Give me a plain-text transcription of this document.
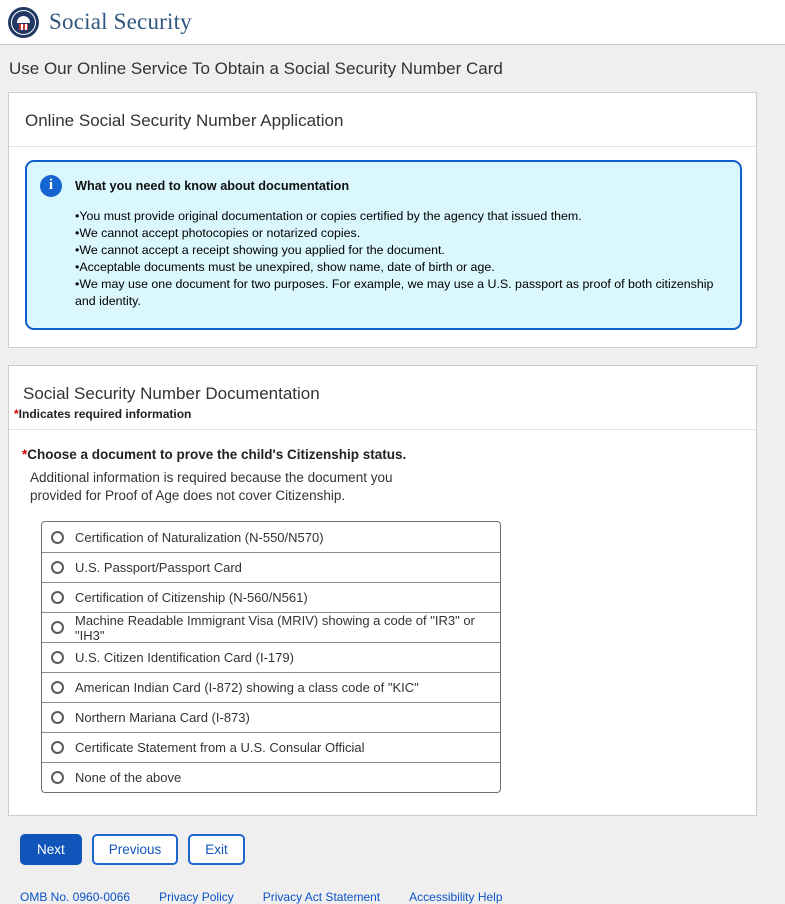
Social Security
Use Our Online Service To Obtain a Social Security Number Card
Online Social Security Number Application
i	What you need to know about documentation
• You must provide original documentation or copies certified by the agency that issued them.
• We cannot accept photocopies or notarized copies.
• We cannot accept a receipt showing you applied for the document.
• Acceptable documents must be unexpired, show name, date of birth or age.
• We may use one document for two purposes. For example, we may use a U.S. passport as proof of both citizenship and identity.
Social Security Number Documentation
*Indicates required information
*Choose a document to prove the child's Citizenship status.
Additional information is required because the document you provided for Proof of Age does not cover Citizenship.
Certification of Naturalization (N-550/N570)
U.S. Passport/Passport Card
Certification of Citizenship (N-560/N561)
Machine Readable Immigrant Visa (MRIV) showing a code of "IR3" or "IH3"
U.S. Citizen Identification Card (I-179)
American Indian Card (I-872) showing a class code of "KIC"
Northern Mariana Card (I-873)
Certificate Statement from a U.S. Consular Official
None of the above
Next	Previous	Exit
OMB No. 0960-0066 Privacy Policy Privacy Act Statement Accessibility Help
